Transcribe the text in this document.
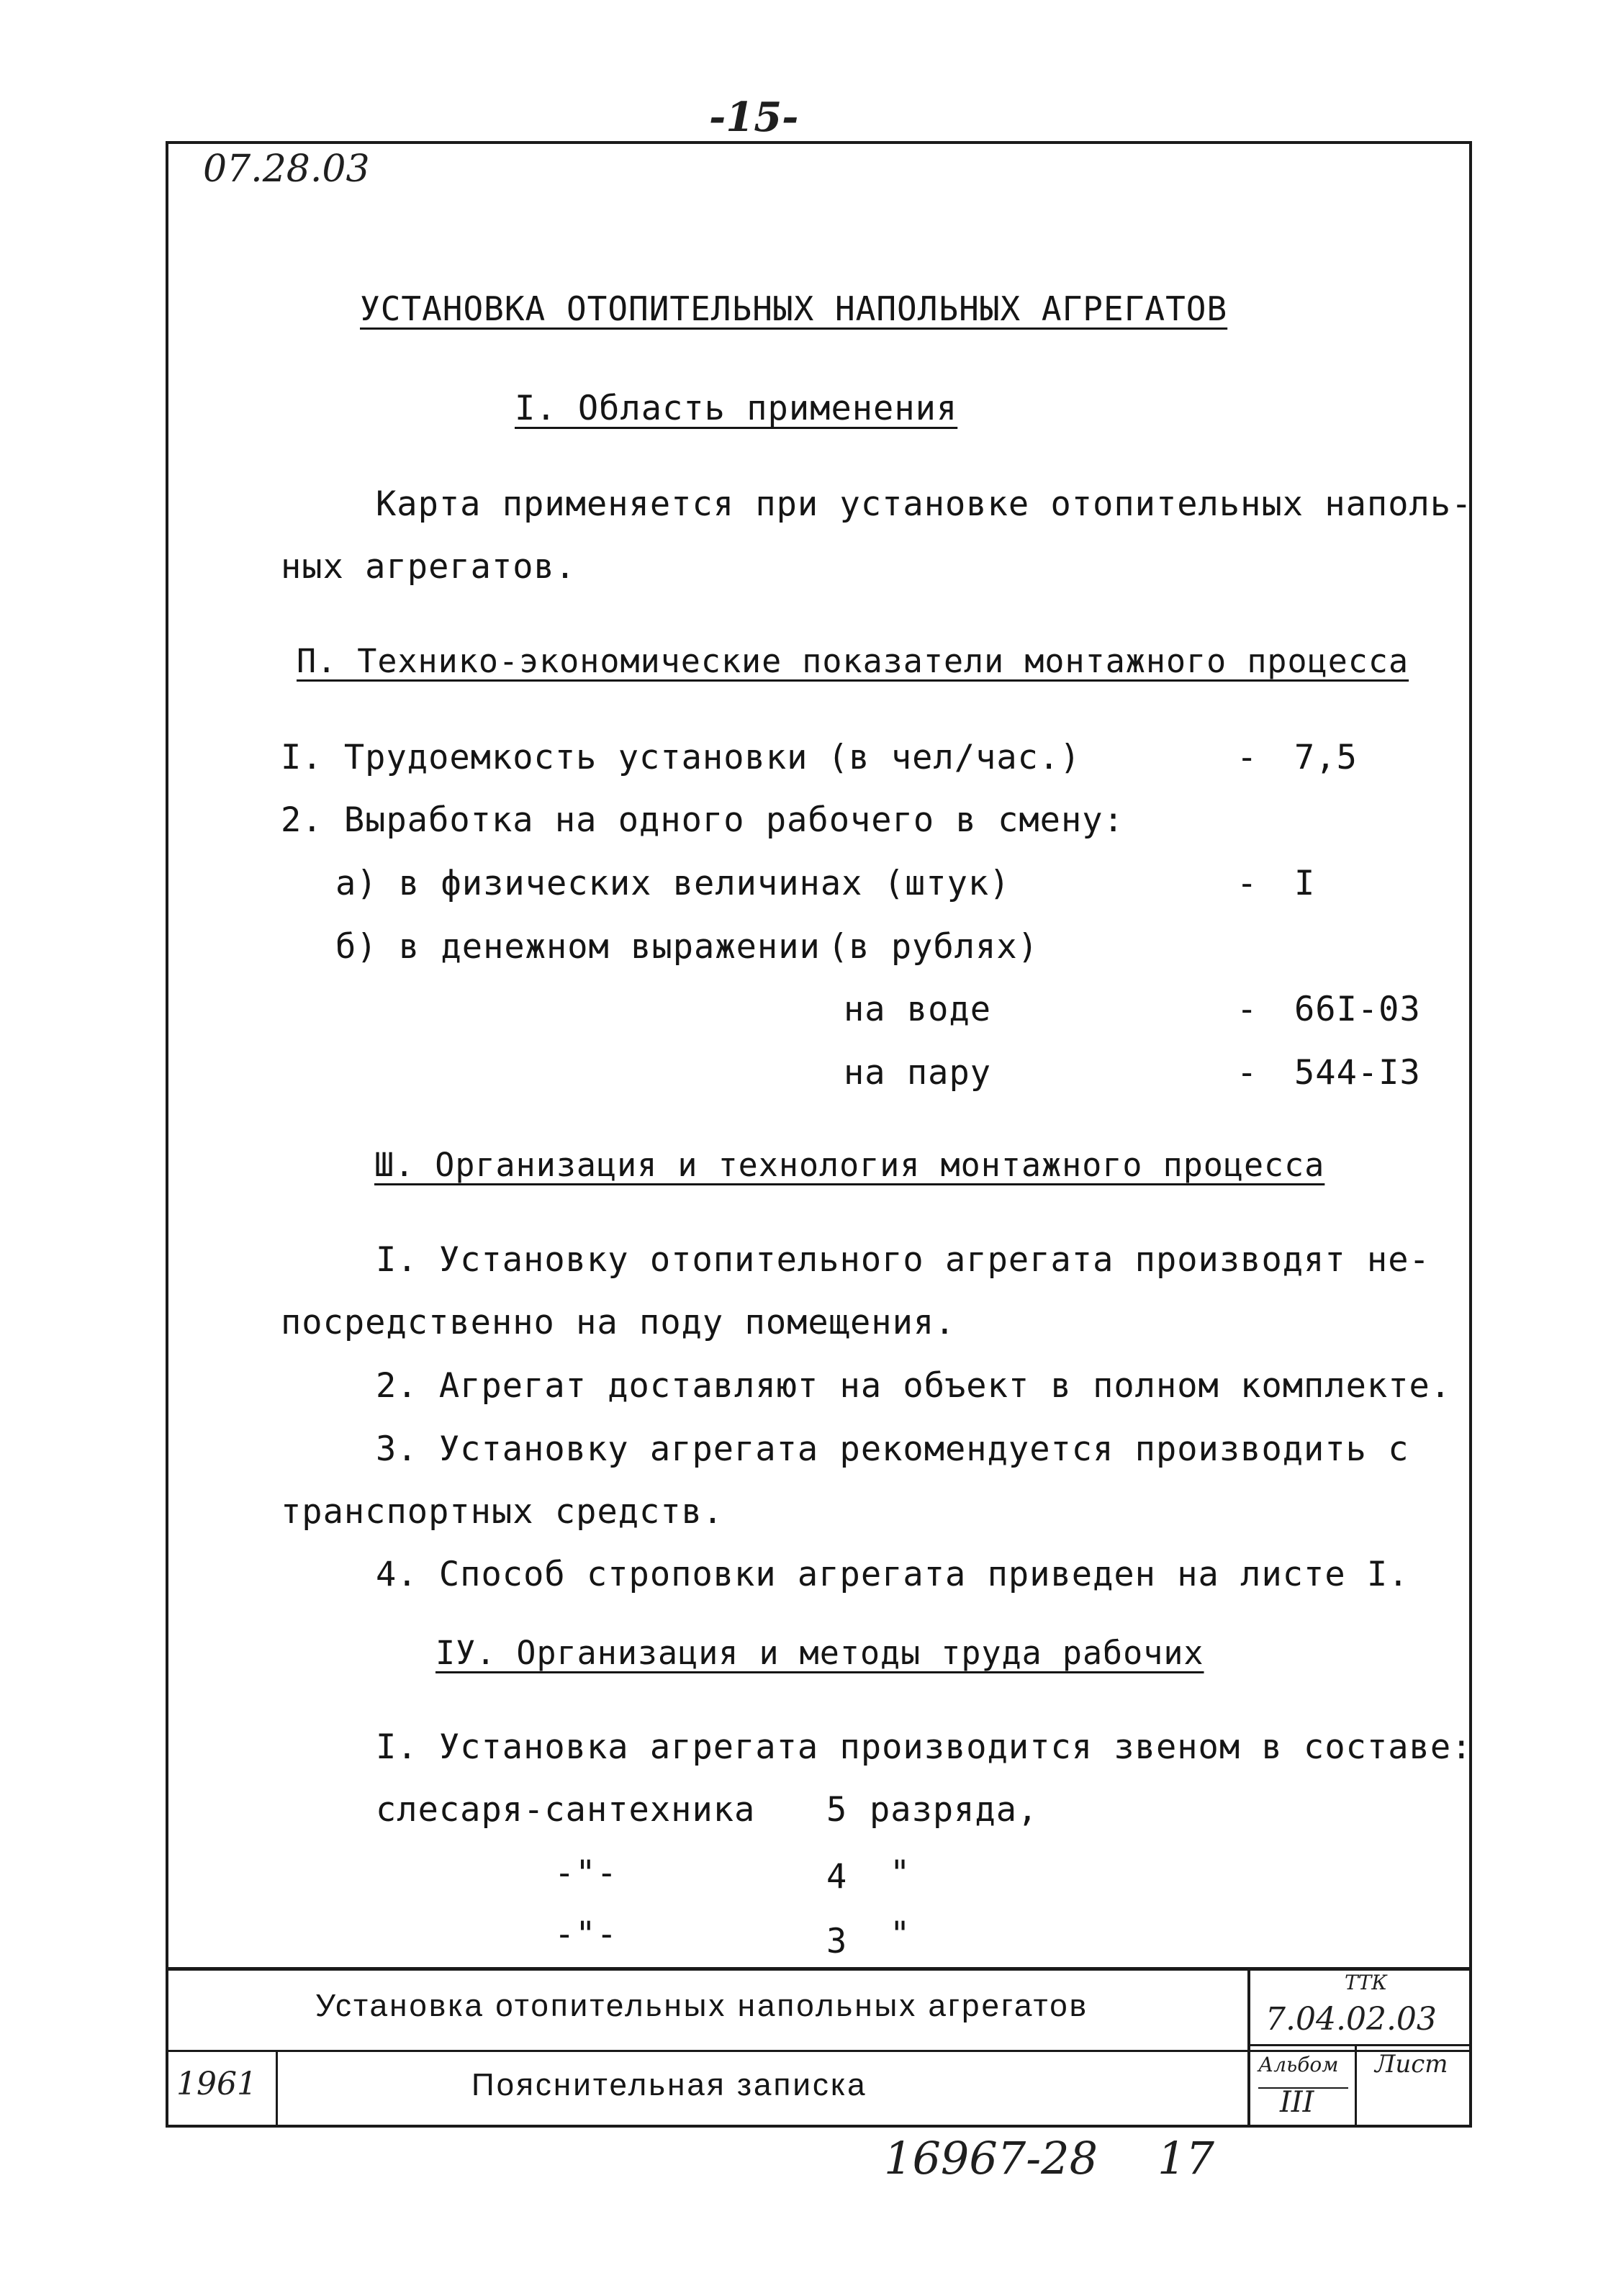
-15-
07.28.03
УСТАНОВКА ОТОПИТЕЛЬНЫХ НАПОЛЬНЫХ АГРЕГАТОВ
I. Область применения
Карта применяется при установке отопительных наполь-
ных агрегатов.
П. Технико-экономические показатели монтажного процесса
I. Трудоемкость установки (в чел/час.)	- 7,5
2. Выработка на одного рабочего в смену:
а) в физических величинах (штук)	- I
б) в денежном выражении (в рублях)
на воде	- 66I-03
на пару	- 544-I3
Ш. Организация и технология монтажного процесса
I. Установку отопительного агрегата производят не-
посредственно на поду помещения.
2. Агрегат доставляют на объект в полном комплекте.
3. Установку агрегата рекомендуется производить с
транспортных средств.
4. Способ строповки агрегата приведен на листе I.
IУ. Организация и методы труда рабочих
I. Установка агрегата производится звеном в составе:
слесаря-сантехника 5 разряда,
-"-	4 "
-"-	3 "
Установка отопительных напольных агрегатов
Пояснительная записка
1961
ТТК
7.04.02.03
Альбом
III
Лист
16967-28 17
